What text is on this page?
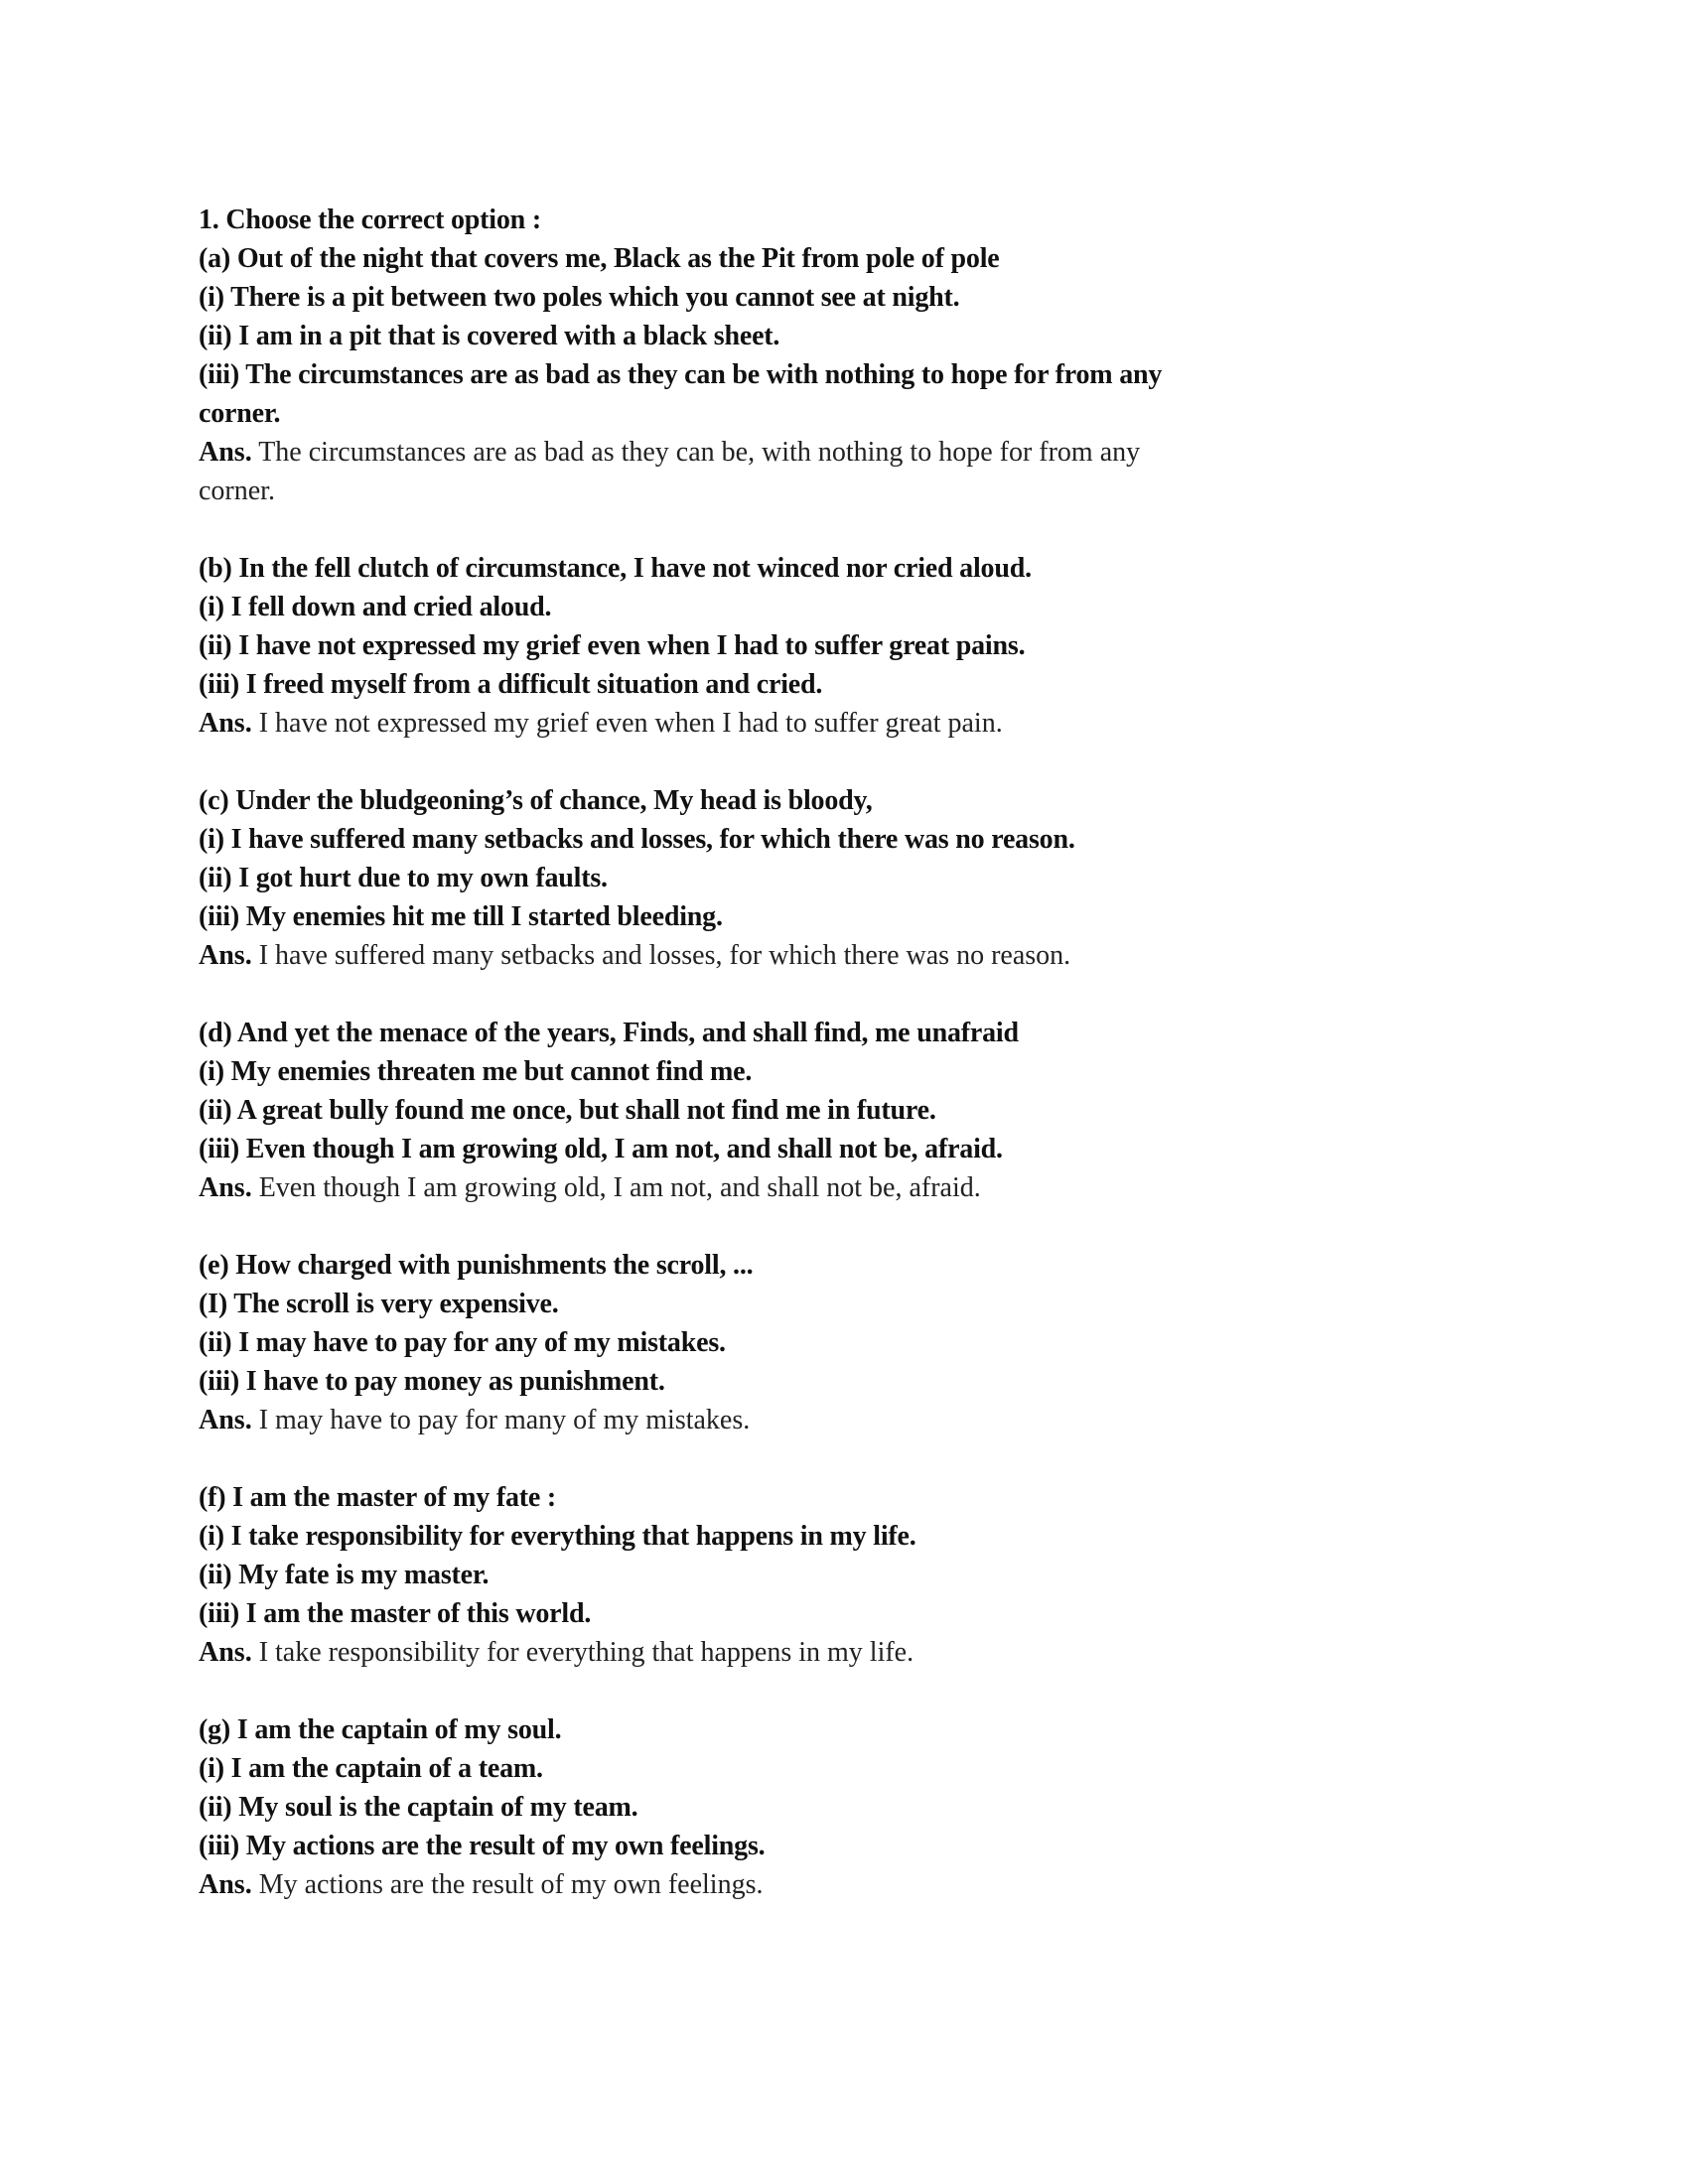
1. Choose the correct option :
(a) Out of the night that covers me, Black as the Pit from pole of pole
(i) There is a pit between two poles which you cannot see at night.
(ii) I am in a pit that is covered with a black sheet.
(iii) The circumstances are as bad as they can be with nothing to hope for from any
corner.
Ans. The circumstances are as bad as they can be, with nothing to hope for from any
corner.
(b) In the fell clutch of circumstance, I have not winced nor cried aloud.
(i) I fell down and cried aloud.
(ii) I have not expressed my grief even when I had to suffer great pains.
(iii) I freed myself from a difficult situation and cried.
Ans. I have not expressed my grief even when I had to suffer great pain.
(c) Under the bludgeoning’s of chance, My head is bloody,
(i) I have suffered many setbacks and losses, for which there was no reason.
(ii) I got hurt due to my own faults.
(iii) My enemies hit me till I started bleeding.
Ans. I have suffered many setbacks and losses, for which there was no reason.
(d) And yet the menace of the years, Finds, and shall find, me unafraid
(i) My enemies threaten me but cannot find me.
(ii) A great bully found me once, but shall not find me in future.
(iii) Even though I am growing old, I am not, and shall not be, afraid.
Ans. Even though I am growing old, I am not, and shall not be, afraid.
(e) How charged with punishments the scroll, ...
(I) The scroll is very expensive.
(ii) I may have to pay for any of my mistakes.
(iii) I have to pay money as punishment.
Ans. I may have to pay for many of my mistakes.
(f) I am the master of my fate :
(i) I take responsibility for everything that happens in my life.
(ii) My fate is my master.
(iii) I am the master of this world.
Ans. I take responsibility for everything that happens in my life.
(g) I am the captain of my soul.
(i) I am the captain of a team.
(ii) My soul is the captain of my team.
(iii) My actions are the result of my own feelings.
Ans. My actions are the result of my own feelings.
